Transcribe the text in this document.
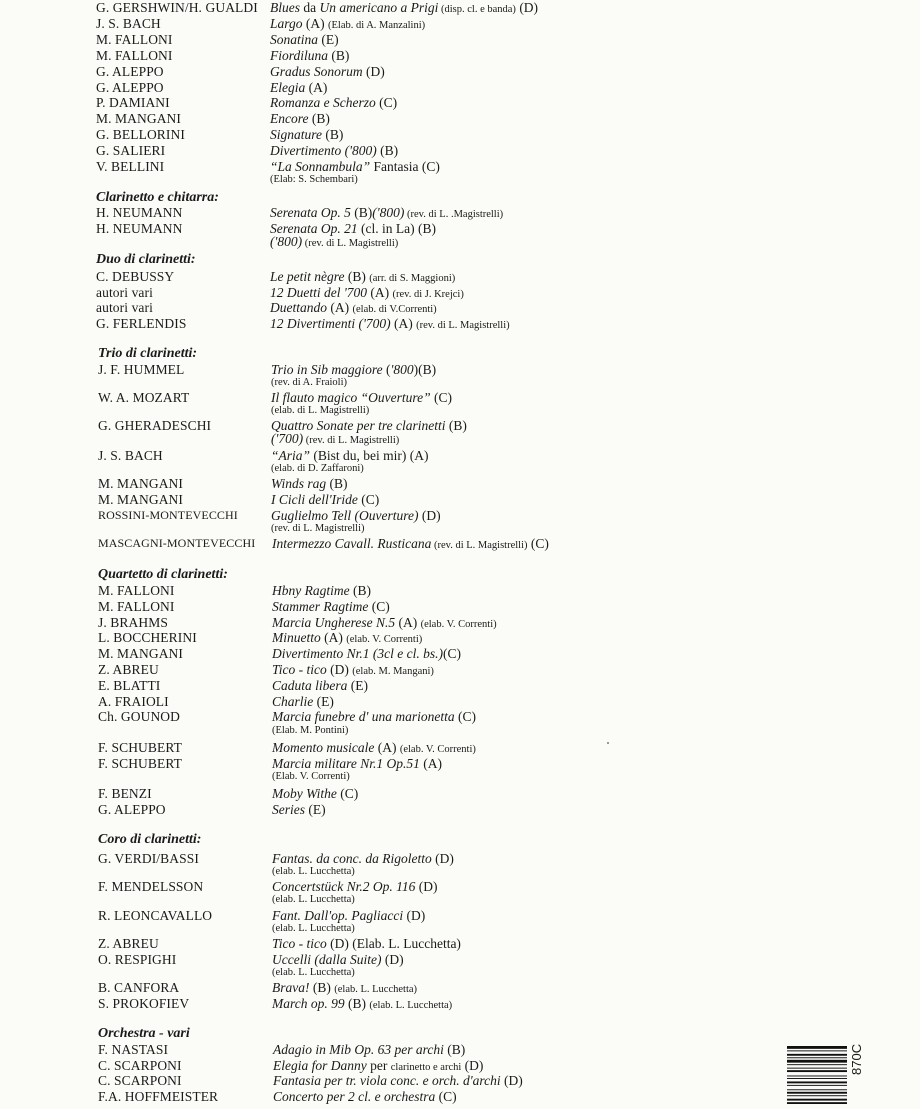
G. GERSHWIN/H. GUALDI Blues da Un americano a Prigi (disp. cl. e banda) (D)
J. S. BACH	Largo (A) (Elab. di A. Manzalini)
M. FALLONI	Sonatina (E)
M. FALLONI	Fiordiluna (B)
G. ALEPPO	Gradus Sonorum (D)
G. ALEPPO	Elegia (A)
P. DAMIANI	Romanza e Scherzo (C)
M. MANGANI	Encore (B)
G. BELLORINI	Signature (B)
G. SALIERI	Divertimento ('800) (B)
V. BELLINI	“La Sonnambula” Fantasia (C)
(Elab: S. Schembari)
Clarinetto e chitarra:
H. NEUMANN	Serenata Op. 5 (B)('800) (rev. di L. .Magistrelli)
H. NEUMANN	Serenata Op. 21 (cl. in La) (B)
('800) (rev. di L. Magistrelli)
Duo di clarinetti:
C. DEBUSSY	Le petit nègre (B) (arr. di S. Maggioni)
autori vari	12 Duetti del '700 (A) (rev. di J. Krejci)
autori vari	Duettando (A) (elab. di V.Correnti)
G. FERLENDIS	12 Divertimenti ('700) (A) (rev. di L. Magistrelli)
Trio di clarinetti:
J. F. HUMMEL	Trio in Sib maggiore ('800)(B)
(rev. di A. Fraioli)
W. A. MOZART	Il flauto magico “Ouverture” (C)
(elab. di L. Magistrelli)
G. GHERADESCHI	Quattro Sonate per tre clarinetti (B)
('700) (rev. di L. Magistrelli)
J. S. BACH	“Aria” (Bist du, bei mir) (A)
(elab. di D. Zaffaroni)
M. MANGANI	Winds rag (B)
M. MANGANI	I Cicli dell'Iride (C)
ROSSINI-MONTEVECCHI Guglielmo Tell (Ouverture) (D)
(rev. di L. Magistrelli)
MASCAGNI-MONTEVECCHI Intermezzo Cavall. Rusticana (rev. di L. Magistrelli) (C)
Quartetto di clarinetti:
M. FALLONI	Hbny Ragtime (B)
M. FALLONI	Stammer Ragtime (C)
J. BRAHMS	Marcia Ungherese N.5 (A) (elab. V. Correnti)
L. BOCCHERINI	Minuetto (A) (elab. V. Correnti)
M. MANGANI	Divertimento Nr.1 (3cl e cl. bs.)(C)
Z. ABREU	Tico - tico (D) (elab. M. Mangani)
E. BLATTI	Caduta libera (E)
A. FRAIOLI	Charlie (E)
Ch. GOUNOD	Marcia funebre d' una marionetta (C)
(Elab. M. Pontini)
F. SCHUBERT	Momento musicale (A) (elab. V. Correnti)
F. SCHUBERT	Marcia militare Nr.1 Op.51 (A)
(Elab. V. Correnti)
F. BENZI	Moby Withe (C)
G. ALEPPO	Series (E)
Coro di clarinetti:
G. VERDI/BASSI	Fantas. da conc. da Rigoletto (D)
(elab. L. Lucchetta)
F. MENDELSSON	Concertstück Nr.2 Op. 116 (D)
(elab. L. Lucchetta)
R. LEONCAVALLO	Fant. Dall'op. Pagliacci (D)
(elab. L. Lucchetta)
Z. ABREU	Tico - tico (D) (Elab. L. Lucchetta)
O. RESPIGHI	Uccelli (dalla Suite) (D)
(elab. L. Lucchetta)
B. CANFORA	Brava! (B) (elab. L. Lucchetta)
S. PROKOFIEV	March op. 99 (B) (elab. L. Lucchetta)
Orchestra - vari
F. NASTASI	Adagio in Mib Op. 63 per archi (B)
C. SCARPONI	Elegia for Danny per clarinetto e archi (D)
C. SCARPONI	Fantasia per tr. viola conc. e orch. d'archi (D)
F.A. HOFFMEISTER	Concerto per 2 cl. e orchestra (C)
870C
